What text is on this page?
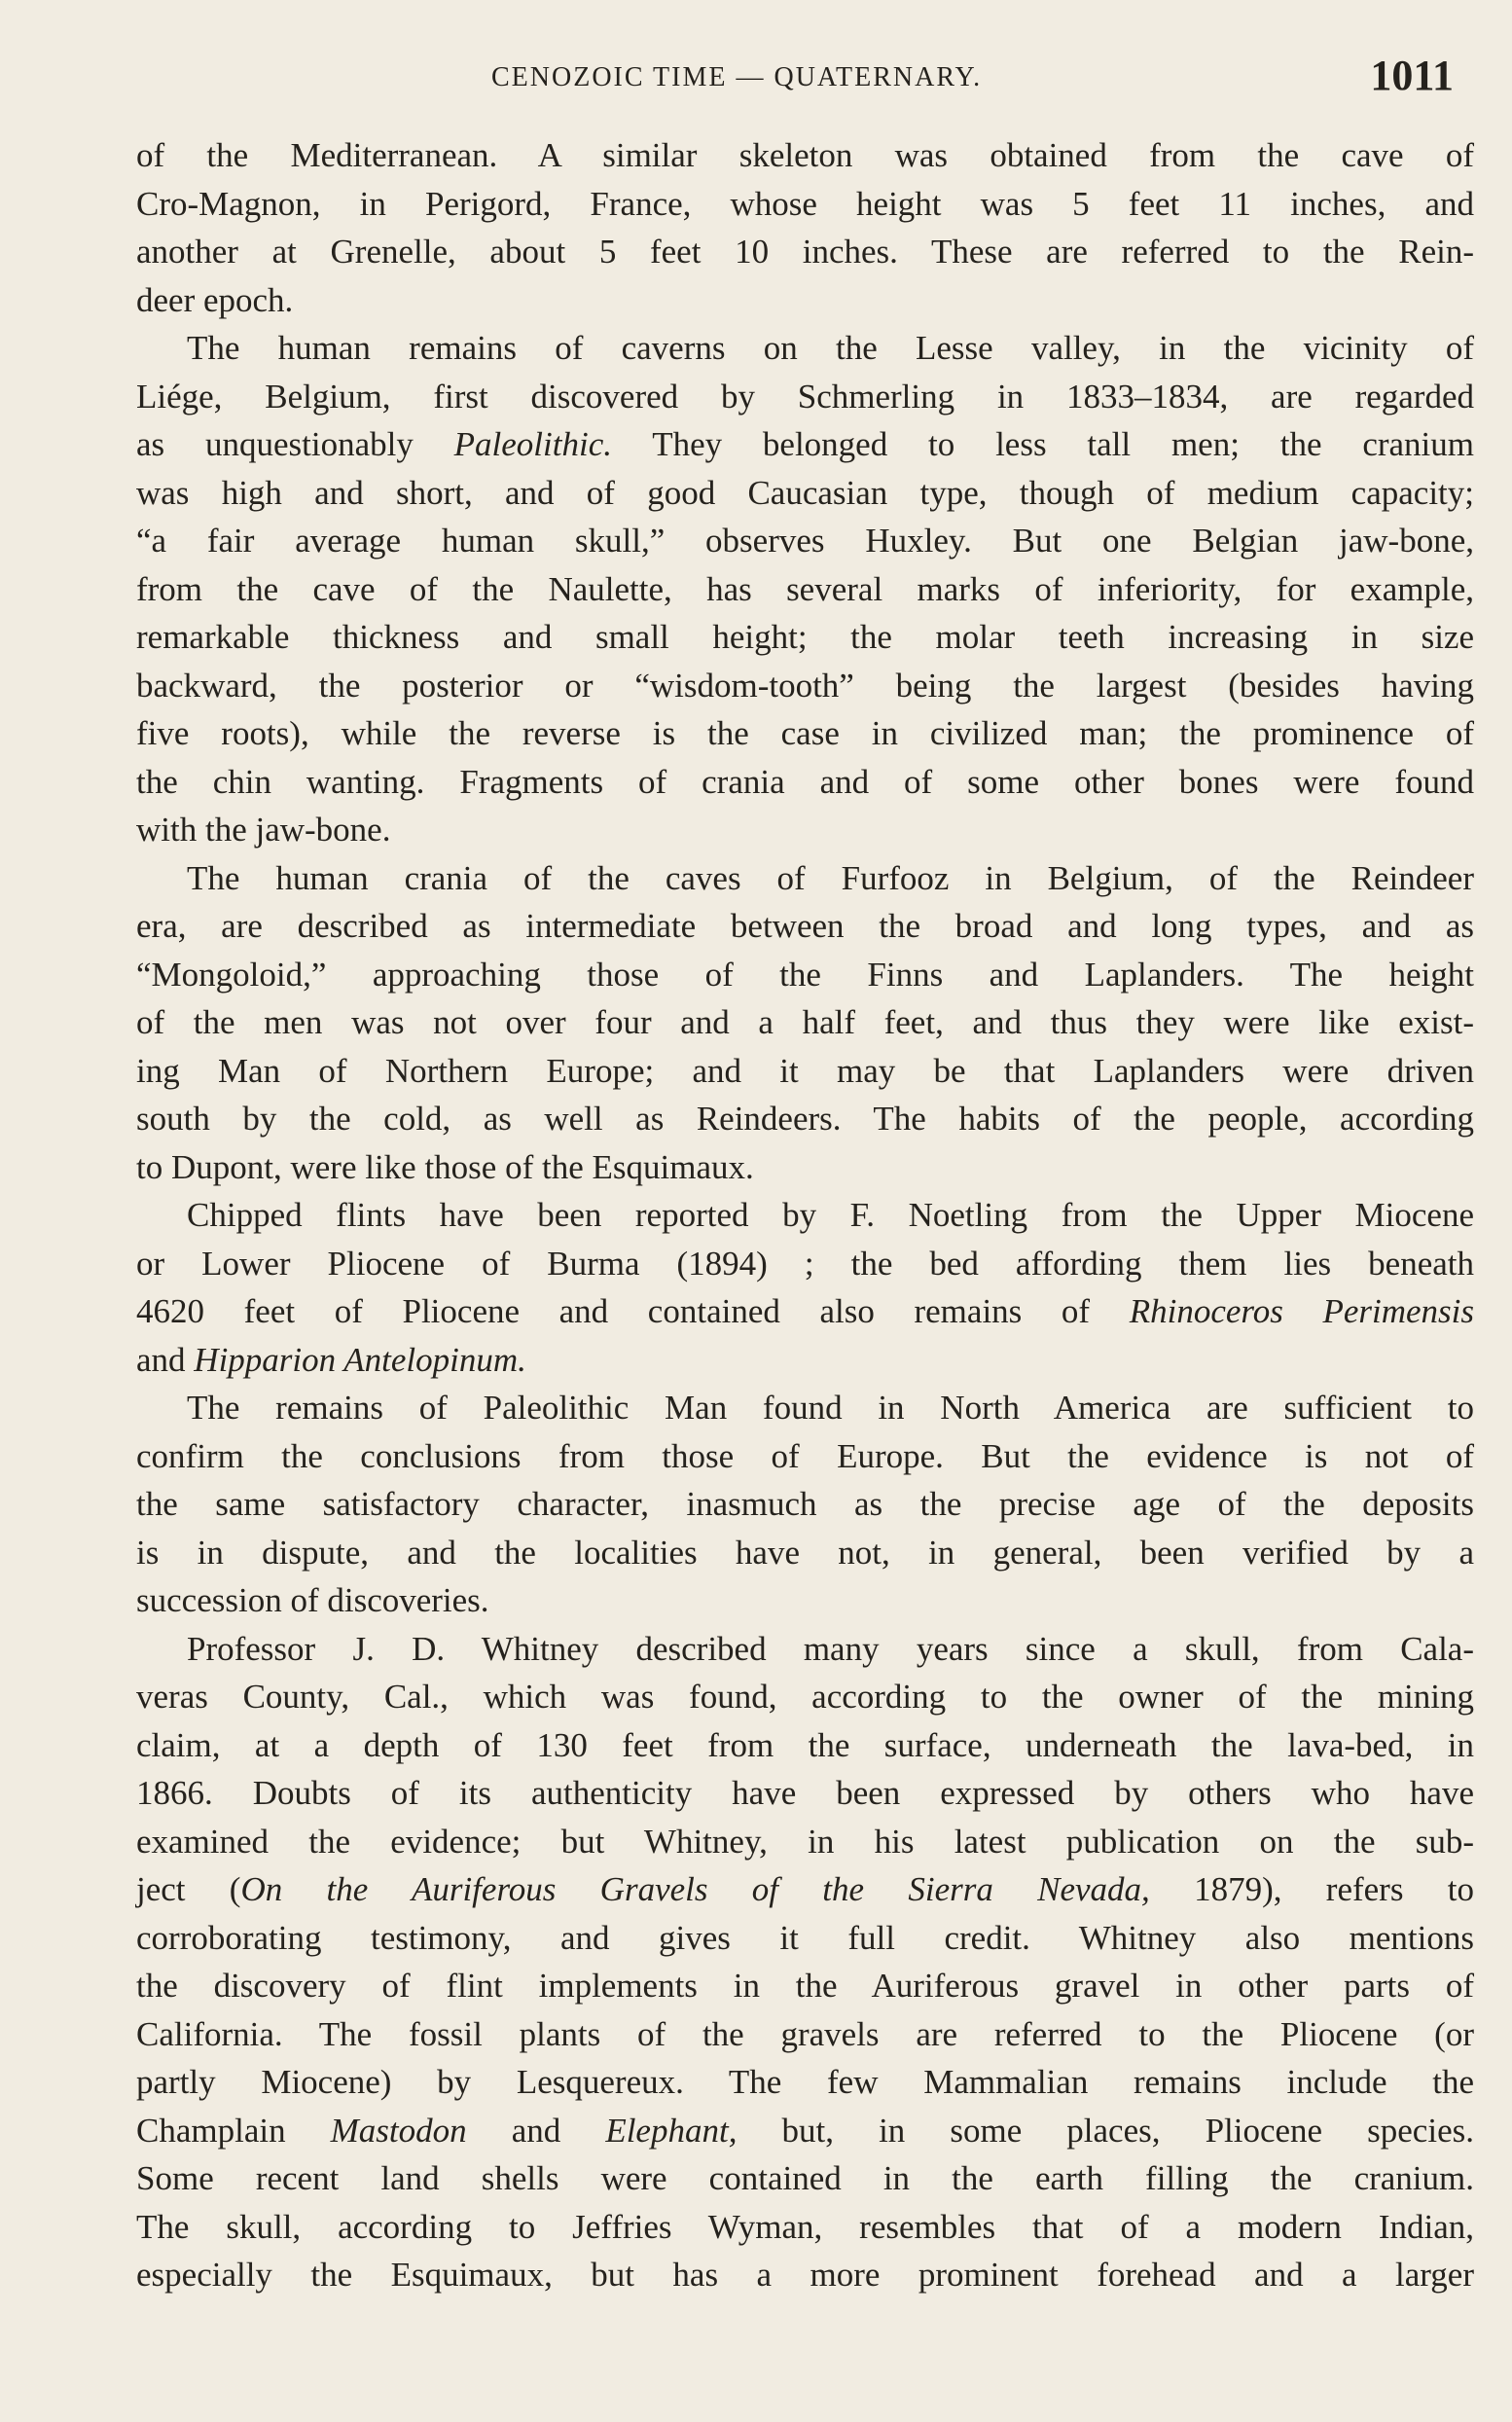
CENOZOIC TIME — QUATERNARY.	1011
of the Mediterranean. A similar skeleton was obtained from the cave of
Cro-Magnon, in Perigord, France, whose height was 5 feet 11 inches, and
another at Grenelle, about 5 feet 10 inches. These are referred to the Rein-
deer epoch.
The human remains of caverns on the Lesse valley, in the vicinity of
Liége, Belgium, first discovered by Schmerling in 1833–1834, are regarded
as unquestionably Paleolithic. They belonged to less tall men; the cranium
was high and short, and of good Caucasian type, though of medium capacity;
“a fair average human skull,” observes Huxley. But one Belgian jaw-bone,
from the cave of the Naulette, has several marks of inferiority, for example,
remarkable thickness and small height; the molar teeth increasing in size
backward, the posterior or “wisdom-tooth” being the largest (besides having
five roots), while the reverse is the case in civilized man; the prominence of
the chin wanting. Fragments of crania and of some other bones were found
with the jaw-bone.
The human crania of the caves of Furfooz in Belgium, of the Reindeer
era, are described as intermediate between the broad and long types, and as
“Mongoloid,” approaching those of the Finns and Laplanders. The height
of the men was not over four and a half feet, and thus they were like exist-
ing Man of Northern Europe; and it may be that Laplanders were driven
south by the cold, as well as Reindeers. The habits of the people, according
to Dupont, were like those of the Esquimaux.
Chipped flints have been reported by F. Noetling from the Upper Miocene
or Lower Pliocene of Burma (1894) ; the bed affording them lies beneath
4620 feet of Pliocene and contained also remains of Rhinoceros Perimensis
and Hipparion Antelopinum.
The remains of Paleolithic Man found in North America are sufficient to
confirm the conclusions from those of Europe. But the evidence is not of
the same satisfactory character, inasmuch as the precise age of the deposits
is in dispute, and the localities have not, in general, been verified by a
succession of discoveries.
Professor J. D. Whitney described many years since a skull, from Cala-
veras County, Cal., which was found, according to the owner of the mining
claim, at a depth of 130 feet from the surface, underneath the lava-bed, in
1866. Doubts of its authenticity have been expressed by others who have
examined the evidence; but Whitney, in his latest publication on the sub-
ject (On the Auriferous Gravels of the Sierra Nevada, 1879), refers to
corroborating testimony, and gives it full credit. Whitney also mentions
the discovery of flint implements in the Auriferous gravel in other parts of
California. The fossil plants of the gravels are referred to the Pliocene (or
partly Miocene) by Lesquereux. The few Mammalian remains include the
Champlain Mastodon and Elephant, but, in some places, Pliocene species.
Some recent land shells were contained in the earth filling the cranium.
The skull, according to Jeffries Wyman, resembles that of a modern Indian,
especially the Esquimaux, but has a more prominent forehead and a larger
